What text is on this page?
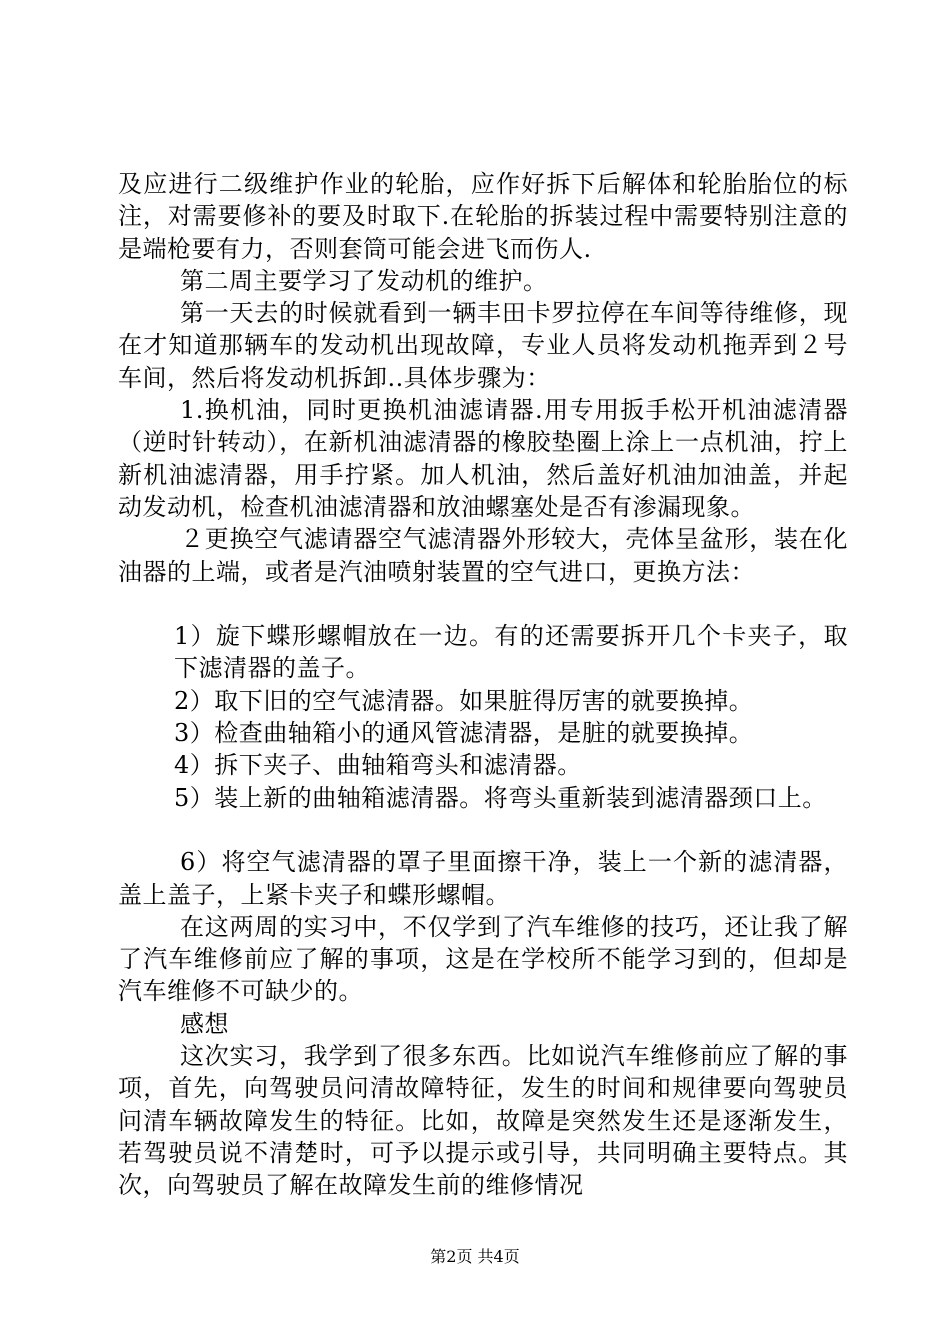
及应进行二级维护作业的轮胎，应作好拆下后解体和轮胎胎位的标注，对需要修补的要及时取下.在轮胎的拆装过程中需要特别注意的是端枪要有力，否则套筒可能会进飞而伤人.

第二周主要学习了发动机的维护。

第一天去的时候就看到一辆丰田卡罗拉停在车间等待维修，现在才知道那辆车的发动机出现故障，专业人员将发动机拖弄到２号车间，然后将发动机拆卸..具体步骤为：

1.换机油，同时更换机油滤请器.用专用扳手松开机油滤清器（逆时针转动），在新机油滤清器的橡胶垫圈上涂上一点机油，拧上新机油滤清器，用手拧紧。加人机油，然后盖好机油加油盖，并起动发动机，检查机油滤清器和放油螺塞处是否有渗漏现象。

２更换空气滤请器空气滤清器外形较大，壳体呈盆形，装在化油器的上端，或者是汽油喷射装置的空气进口，更换方法：

1）旋下蝶形螺帽放在一边。有的还需要拆开几个卡夹子，取下滤清器的盖子。

2）取下旧的空气滤清器。如果脏得厉害的就要换掉。

3）检查曲轴箱小的通风管滤清器，是脏的就要换掉。

4）拆下夹子、曲轴箱弯头和滤清器。

5）装上新的曲轴箱滤清器。将弯头重新装到滤清器颈口上。

6）将空气滤清器的罩子里面擦干净，装上一个新的滤清器，盖上盖子，上紧卡夹子和蝶形螺帽。

在这两周的实习中，不仅学到了汽车维修的技巧，还让我了解了汽车维修前应了解的事项，这是在学校所不能学习到的，但却是汽车维修不可缺少的。

感想

这次实习，我学到了很多东西。比如说汽车维修前应了解的事项，首先，向驾驶员问清故障特征，发生的时间和规律要向驾驶员问清车辆故障发生的特征。比如，故障是突然发生还是逐渐发生，若驾驶员说不清楚时，可予以提示或引导，共同明确主要特点。其次，向驾驶员了解在故障发生前的维修情况

第2页 共4页
